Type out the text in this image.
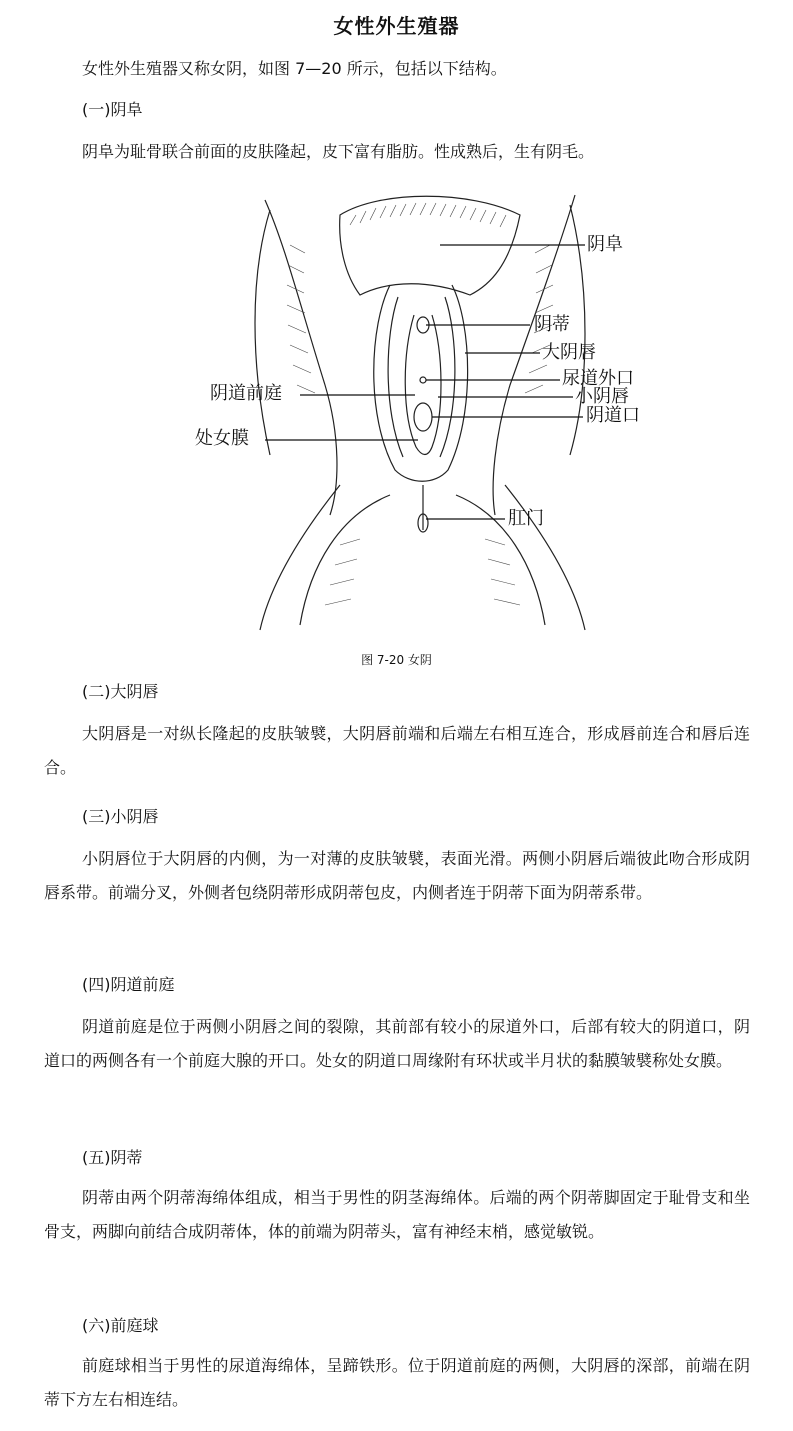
女性外生殖器

女性外生殖器又称女阴，如图 7—20 所示，包括以下结构。

(一)阴阜

阴阜为耻骨联合前面的皮肤隆起，皮下富有脂肪。性成熟后，生有阴毛。

阴阜
阴蒂
大阴唇
尿道外口
小阴唇
阴道口
阴道前庭
处女膜
肛门
图 7-20 女阴

(二)大阴唇

大阴唇是一对纵长隆起的皮肤皱襞，大阴唇前端和后端左右相互连合，形成唇前连合和唇后连合。

(三)小阴唇

小阴唇位于大阴唇的内侧，为一对薄的皮肤皱襞，表面光滑。两侧小阴唇后端彼此吻合形成阴唇系带。前端分叉，外侧者包绕阴蒂形成阴蒂包皮，内侧者连于阴蒂下面为阴蒂系带。

(四)阴道前庭

阴道前庭是位于两侧小阴唇之间的裂隙，其前部有较小的尿道外口，后部有较大的阴道口，阴道口的两侧各有一个前庭大腺的开口。处女的阴道口周缘附有环状或半月状的黏膜皱襞称处女膜。

(五)阴蒂

阴蒂由两个阴蒂海绵体组成，相当于男性的阴茎海绵体。后端的两个阴蒂脚固定于耻骨支和坐骨支，两脚向前结合成阴蒂体，体的前端为阴蒂头，富有神经末梢，感觉敏锐。

(六)前庭球

前庭球相当于男性的尿道海绵体，呈蹄铁形。位于阴道前庭的两侧，大阴唇的深部，前端在阴蒂下方左右相连结。
